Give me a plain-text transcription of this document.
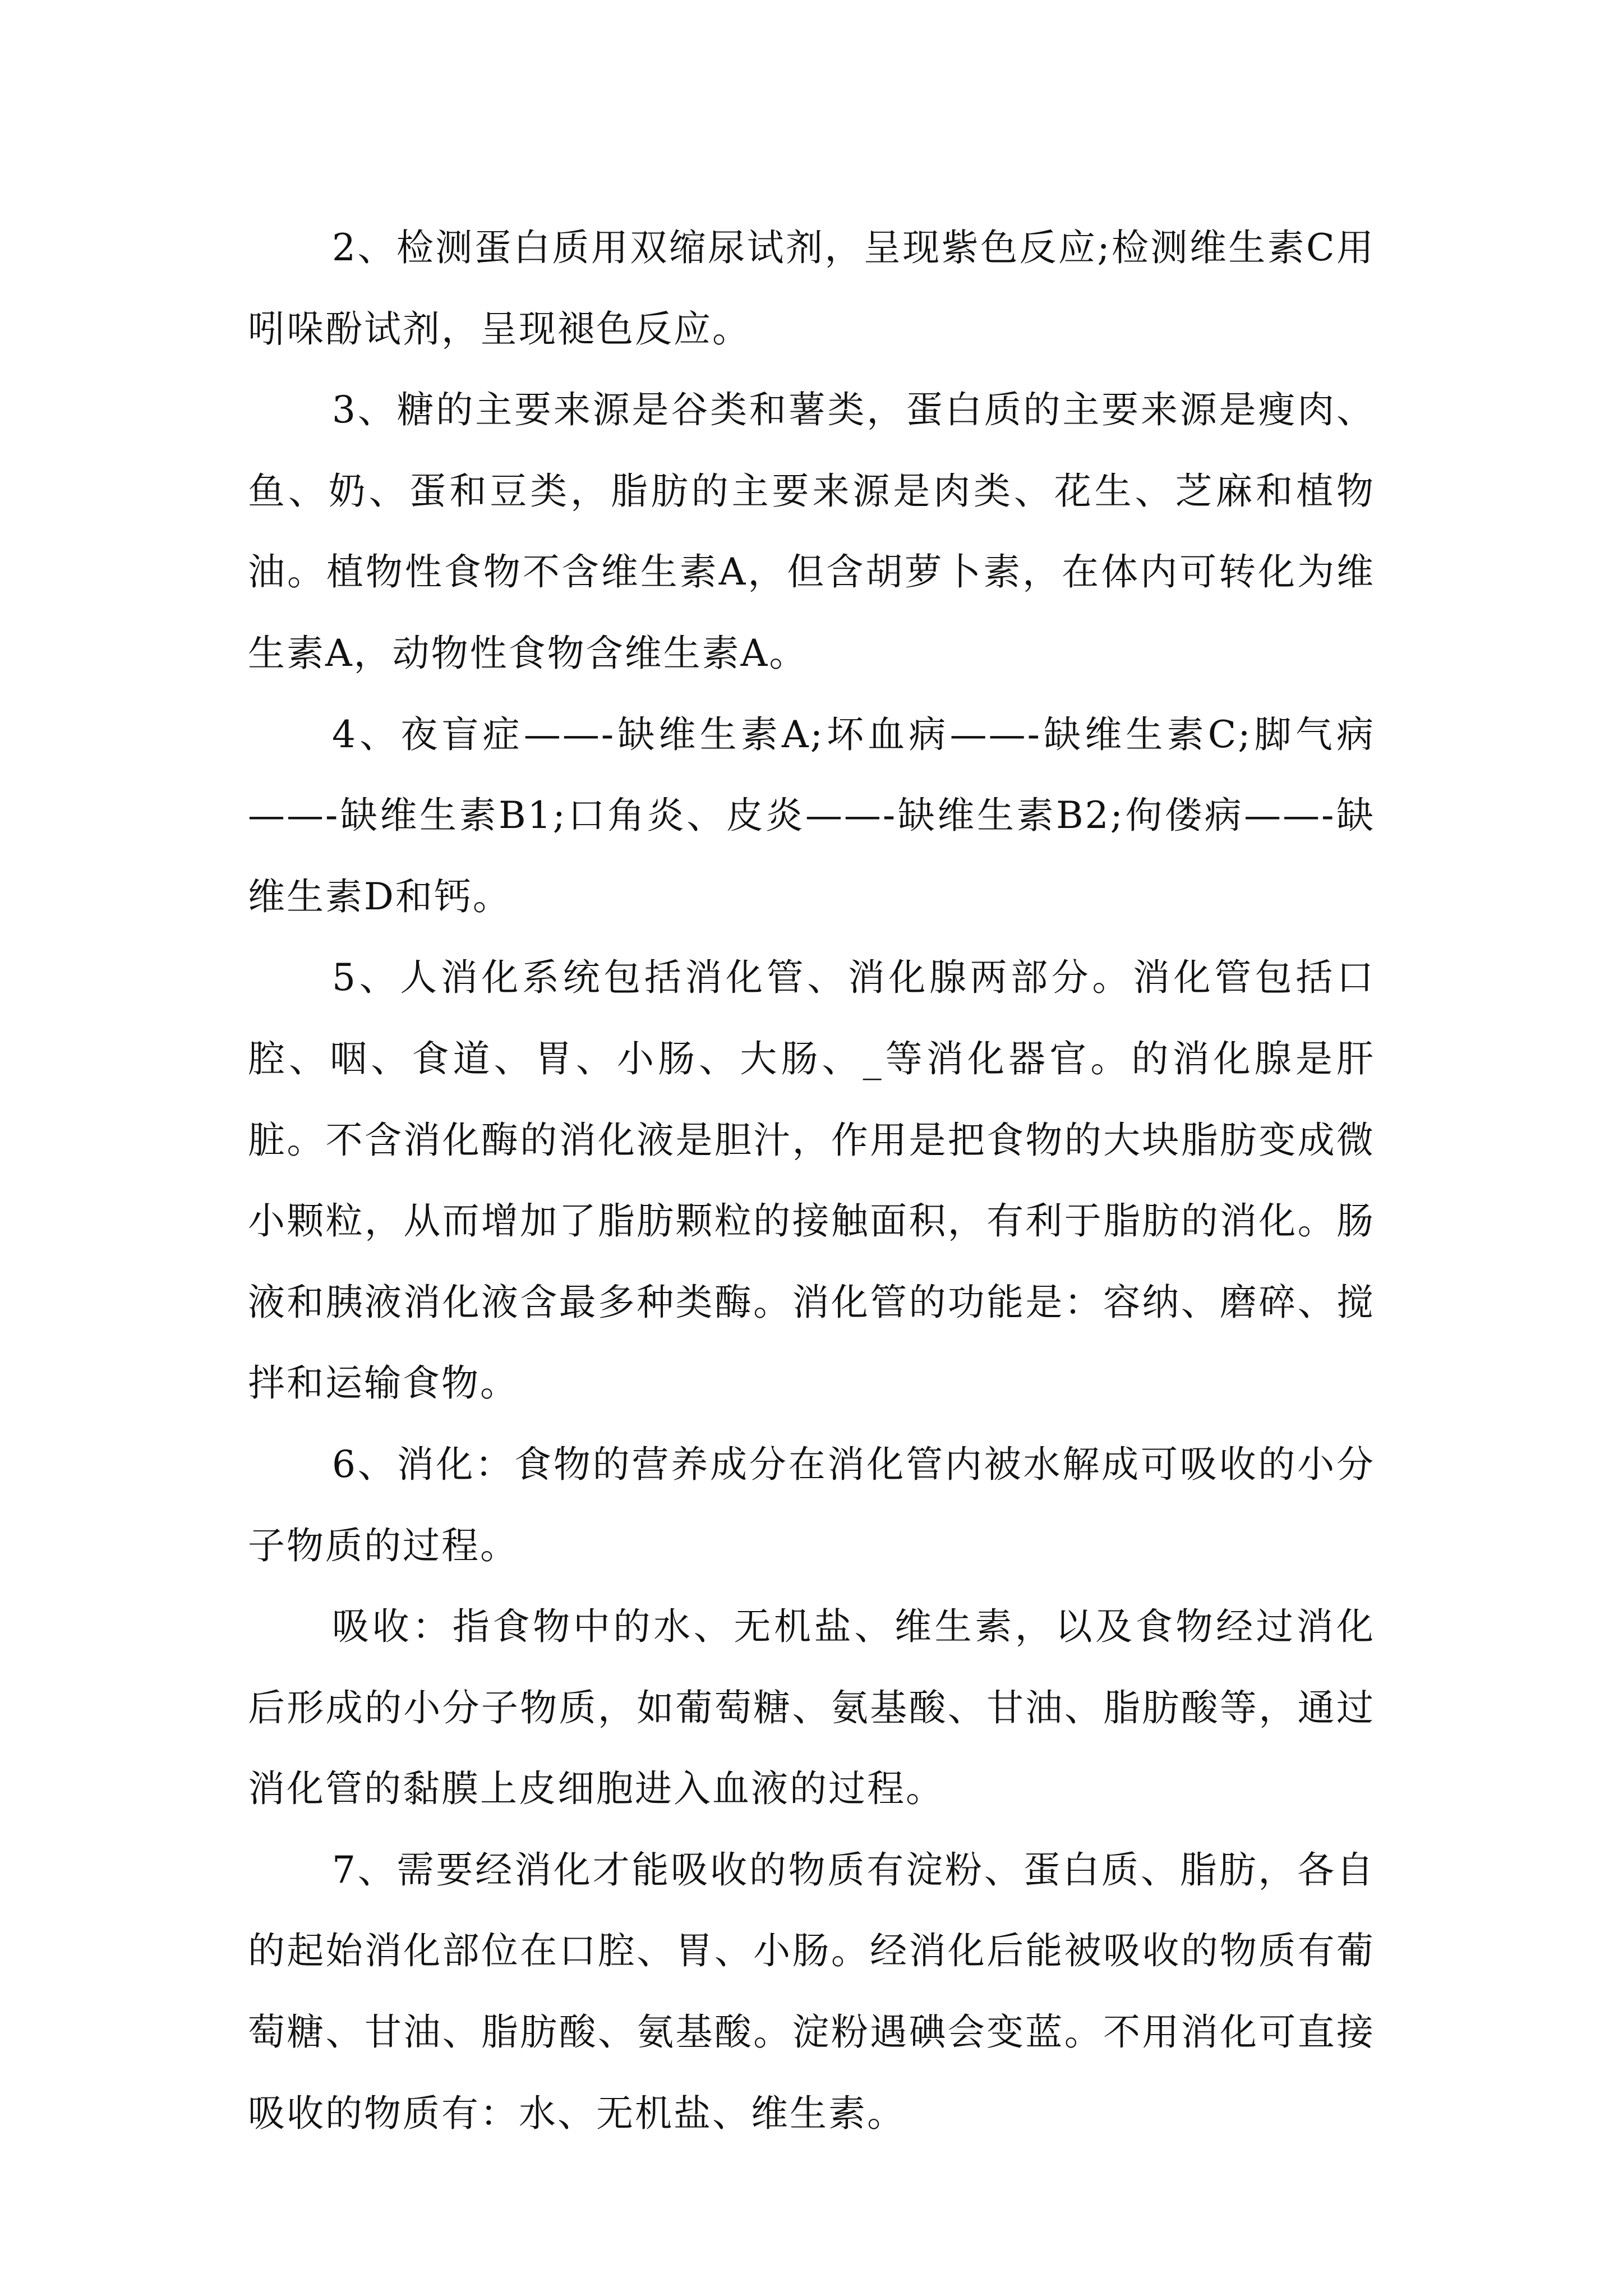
2、检测蛋白质用双缩尿试剂，呈现紫色反应;检测维生素C用吲哚酚试剂，呈现褪色反应。

3、糖的主要来源是谷类和薯类，蛋白质的主要来源是瘦肉、鱼、奶、蛋和豆类，脂肪的主要来源是肉类、花生、芝麻和植物油。植物性食物不含维生素A，但含胡萝卜素，在体内可转化为维生素A，动物性食物含维生素A。

4、夜盲症——-缺维生素A;坏血病——-缺维生素C;脚气病——-缺维生素B1;口角炎、皮炎——-缺维生素B2;佝偻病——-缺维生素D和钙。

5、人消化系统包括消化管、消化腺两部分。消化管包括口腔、咽、食道、胃、小肠、大肠、_等消化器官。的消化腺是肝脏。不含消化酶的消化液是胆汁，作用是把食物的大块脂肪变成微小颗粒，从而增加了脂肪颗粒的接触面积，有利于脂肪的消化。肠液和胰液消化液含最多种类酶。消化管的功能是：容纳、磨碎、搅拌和运输食物。

6、消化：食物的营养成分在消化管内被水解成可吸收的小分子物质的过程。

吸收：指食物中的水、无机盐、维生素，以及食物经过消化后形成的小分子物质，如葡萄糖、氨基酸、甘油、脂肪酸等，通过消化管的黏膜上皮细胞进入血液的过程。

7、需要经消化才能吸收的物质有淀粉、蛋白质、脂肪，各自的起始消化部位在口腔、胃、小肠。经消化后能被吸收的物质有葡萄糖、甘油、脂肪酸、氨基酸。淀粉遇碘会变蓝。不用消化可直接吸收的物质有：水、无机盐、维生素。
